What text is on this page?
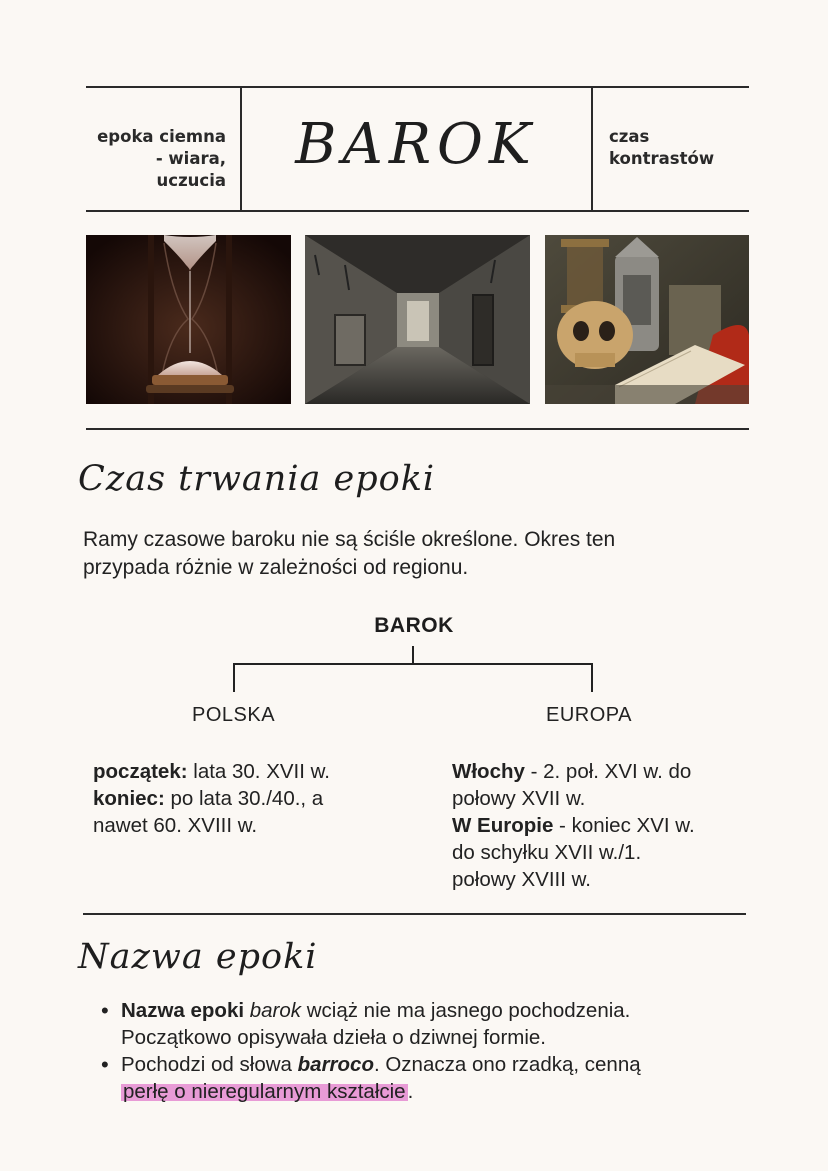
epoka ciemna
- wiara, uczucia
BAROK	czas
kontrastów
Czas trwania epoki
Ramy czasowe baroku nie są ściśle określone. Okres ten
przypada różnie w zależności od regionu.
BAROK
POLSKA	EUROPA
początek: lata 30. XVII w.
koniec: po lata 30./40., a
nawet 60. XVIII w.
Włochy - 2. poł. XVI w. do
połowy XVII w.
W Europie - koniec XVI w.
do schyłku XVII w./1.
połowy XVIII w.
Nazwa epoki
• Nazwa epoki barok wciąż nie ma jasnego pochodzenia.
Początkowo opisywała dzieła o dziwnej formie.
• Pochodzi od słowa barroco. Oznacza ono rzadką, cenną
perłę o nieregularnym kształcie.
